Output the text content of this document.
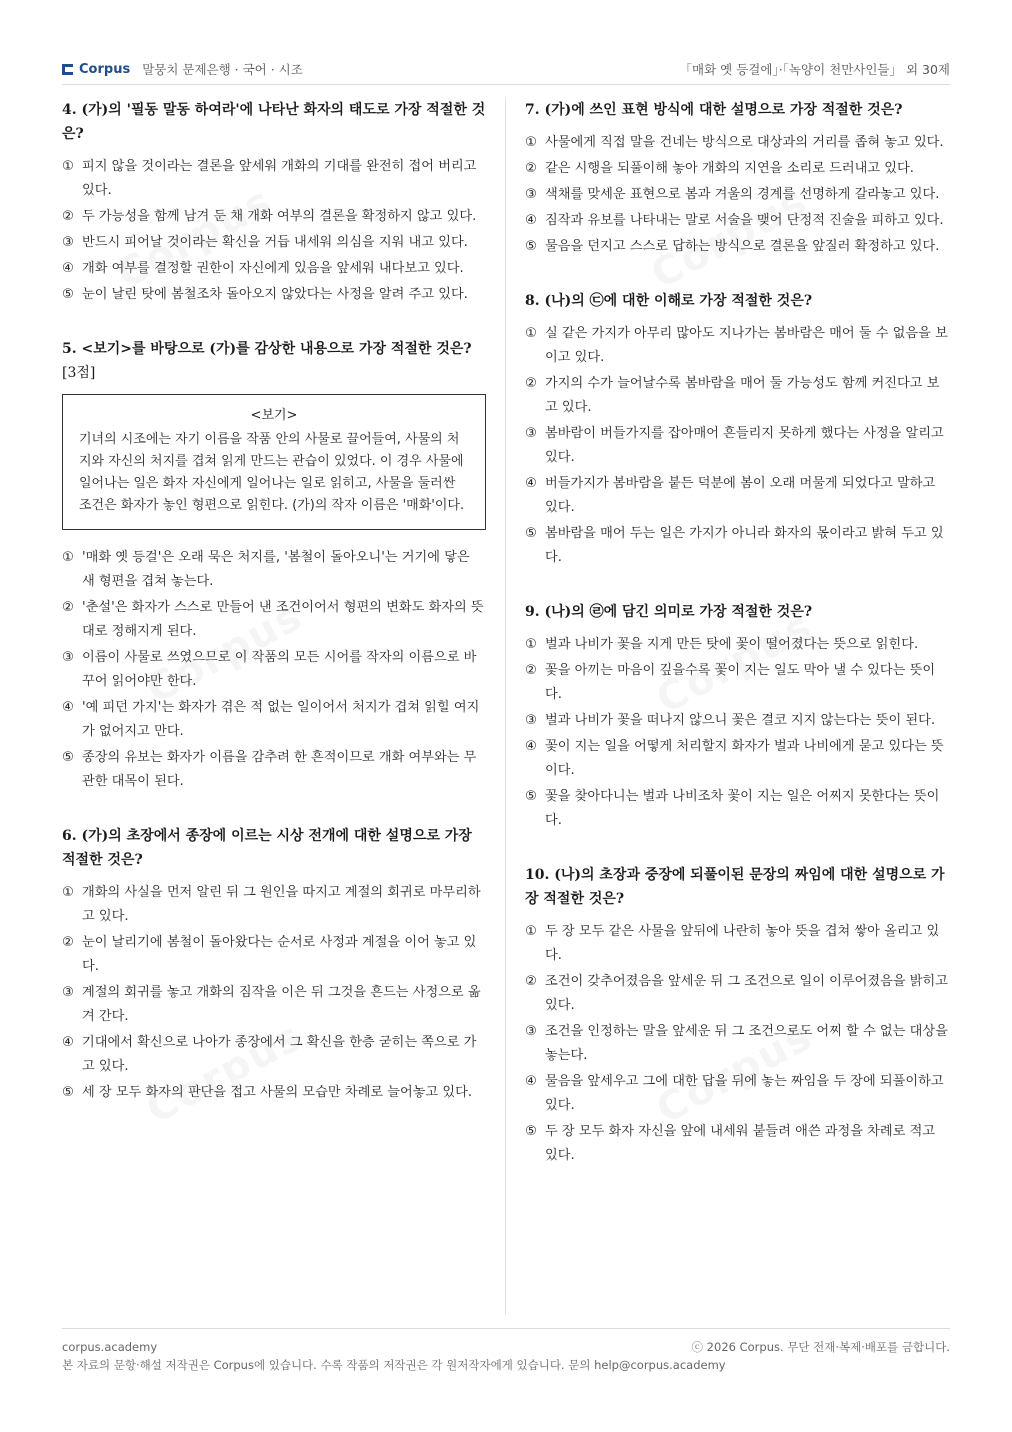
Corpus 말뭉치 문제은행 · 국어 · 시조	「매화 옛 등걸에」·「녹양이 천만사인들」 외 30제
4. (가)의 '필동 말동 하여라'에 나타난 화자의 태도로 가장 적절한 것은?
① 피지 않을 것이라는 결론을 앞세워 개화의 기대를 완전히 접어 버리고 있다.
② 두 가능성을 함께 남겨 둔 채 개화 여부의 결론을 확정하지 않고 있다.
③ 반드시 피어날 것이라는 확신을 거듭 내세워 의심을 지워 내고 있다.
④ 개화 여부를 결정할 권한이 자신에게 있음을 앞세워 내다보고 있다.
⑤ 눈이 날린 탓에 봄철조차 돌아오지 않았다는 사정을 알려 주고 있다.
5. <보기>를 바탕으로 (가)를 감상한 내용으로 가장 적절한 것은? [3점]
<보기>
기녀의 시조에는 자기 이름을 작품 안의 사물로 끌어들여, 사물의 처지와 자신의 처지를 겹쳐 읽게 만드는 관습이 있었다. 이 경우 사물에 일어나는 일은 화자 자신에게 일어나는 일로 읽히고, 사물을 둘러싼 조건은 화자가 놓인 형편으로 읽힌다. (가)의 작자 이름은 '매화'이다.
① '매화 옛 등걸'은 오래 묵은 처지를, '봄철이 돌아오니'는 거기에 닿은 새 형편을 겹쳐 놓는다.
② '춘설'은 화자가 스스로 만들어 낸 조건이어서 형편의 변화도 화자의 뜻대로 정해지게 된다.
③ 이름이 사물로 쓰였으므로 이 작품의 모든 시어를 작자의 이름으로 바꾸어 읽어야만 한다.
④ '예 피던 가지'는 화자가 겪은 적 없는 일이어서 처지가 겹쳐 읽힐 여지가 없어지고 만다.
⑤ 종장의 유보는 화자가 이름을 감추려 한 흔적이므로 개화 여부와는 무관한 대목이 된다.
6. (가)의 초장에서 종장에 이르는 시상 전개에 대한 설명으로 가장 적절한 것은?
① 개화의 사실을 먼저 알린 뒤 그 원인을 따지고 계절의 회귀로 마무리하고 있다.
② 눈이 날리기에 봄철이 돌아왔다는 순서로 사정과 계절을 이어 놓고 있다.
③ 계절의 회귀를 놓고 개화의 짐작을 이은 뒤 그것을 흔드는 사정으로 옮겨 간다.
④ 기대에서 확신으로 나아가 종장에서 그 확신을 한층 굳히는 쪽으로 가고 있다.
⑤ 세 장 모두 화자의 판단을 접고 사물의 모습만 차례로 늘어놓고 있다.
7. (가)에 쓰인 표현 방식에 대한 설명으로 가장 적절한 것은?
① 사물에게 직접 말을 건네는 방식으로 대상과의 거리를 좁혀 놓고 있다.
② 같은 시행을 되풀이해 놓아 개화의 지연을 소리로 드러내고 있다.
③ 색채를 맞세운 표현으로 봄과 겨울의 경계를 선명하게 갈라놓고 있다.
④ 짐작과 유보를 나타내는 말로 서술을 맺어 단정적 진술을 피하고 있다.
⑤ 물음을 던지고 스스로 답하는 방식으로 결론을 앞질러 확정하고 있다.
8. (나)의 ㉢에 대한 이해로 가장 적절한 것은?
① 실 같은 가지가 아무리 많아도 지나가는 봄바람은 매어 둘 수 없음을 보이고 있다.
② 가지의 수가 늘어날수록 봄바람을 매어 둘 가능성도 함께 커진다고 보고 있다.
③ 봄바람이 버들가지를 잡아매어 흔들리지 못하게 했다는 사정을 알리고 있다.
④ 버들가지가 봄바람을 붙든 덕분에 봄이 오래 머물게 되었다고 말하고 있다.
⑤ 봄바람을 매어 두는 일은 가지가 아니라 화자의 몫이라고 밝혀 두고 있다.
9. (나)의 ㉣에 담긴 의미로 가장 적절한 것은?
① 벌과 나비가 꽃을 지게 만든 탓에 꽃이 떨어졌다는 뜻으로 읽힌다.
② 꽃을 아끼는 마음이 깊을수록 꽃이 지는 일도 막아 낼 수 있다는 뜻이다.
③ 벌과 나비가 꽃을 떠나지 않으니 꽃은 결코 지지 않는다는 뜻이 된다.
④ 꽃이 지는 일을 어떻게 처리할지 화자가 벌과 나비에게 묻고 있다는 뜻이다.
⑤ 꽃을 찾아다니는 벌과 나비조차 꽃이 지는 일은 어찌지 못한다는 뜻이다.
10. (나)의 초장과 중장에 되풀이된 문장의 짜임에 대한 설명으로 가장 적절한 것은?
① 두 장 모두 같은 사물을 앞뒤에 나란히 놓아 뜻을 겹쳐 쌓아 올리고 있다.
② 조건이 갖추어졌음을 앞세운 뒤 그 조건으로 일이 이루어졌음을 밝히고 있다.
③ 조건을 인정하는 말을 앞세운 뒤 그 조건으로도 어찌 할 수 없는 대상을 놓는다.
④ 물음을 앞세우고 그에 대한 답을 뒤에 놓는 짜임을 두 장에 되풀이하고 있다.
⑤ 두 장 모두 화자 자신을 앞에 내세워 붙들려 애쓴 과정을 차례로 적고 있다.
corpus.academy	ⓒ 2026 Corpus. 무단 전재·복제·배포를 금합니다.
본 자료의 문항·해설 저작권은 Corpus에 있습니다. 수록 작품의 저작권은 각 원저작자에게 있습니다. 문의 help@corpus.academy
